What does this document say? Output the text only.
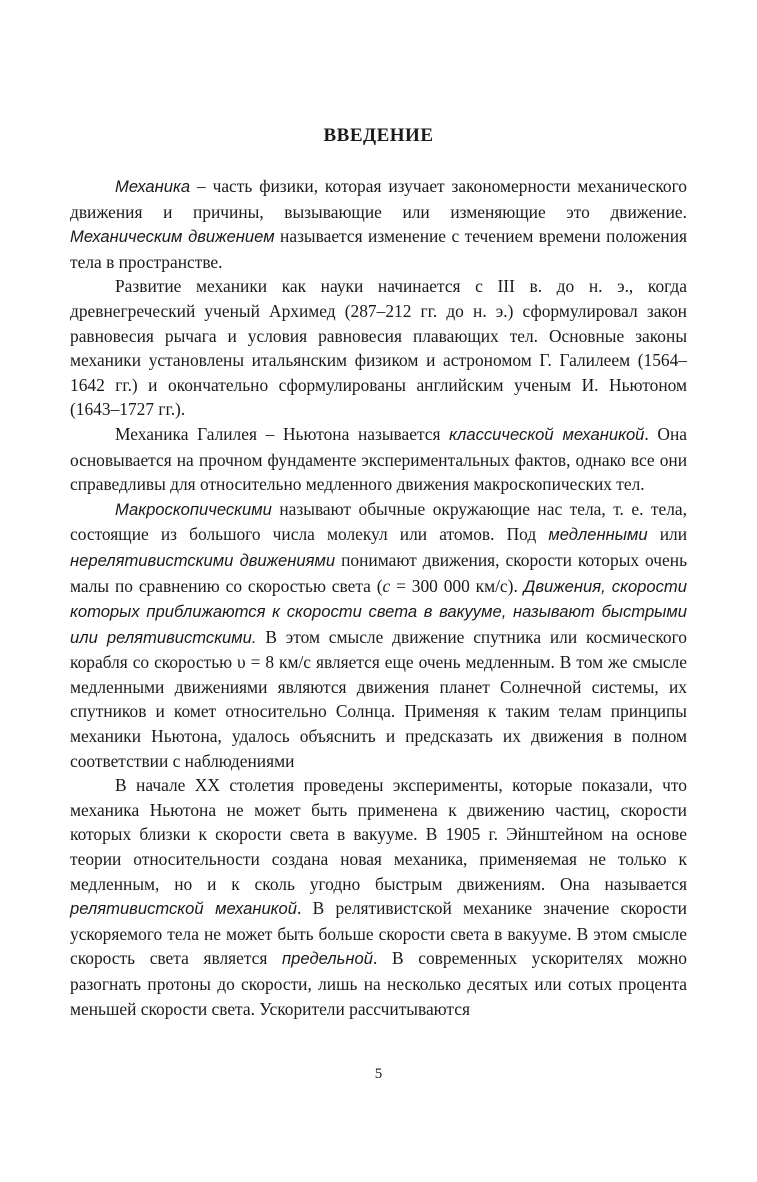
ВВЕДЕНИЕ

Механика – часть физики, которая изучает закономерности механического движения и причины, вызывающие или изменяющие это движение. Механическим движением называется изменение с течением времени положения тела в пространстве.

Развитие механики как науки начинается с III в. до н. э., когда древнегреческий ученый Архимед (287–212 гг. до н. э.) сформулировал закон равновесия рычага и условия равновесия плавающих тел. Основные законы механики установлены итальянским физиком и астрономом Г. Галилеем (1564–1642 гг.) и окончательно сформулированы английским ученым И. Ньютоном (1643–1727 гг.).

Механика Галилея – Ньютона называется классической механикой. Она основывается на прочном фундаменте экспериментальных фактов, однако все они справедливы для относительно медленного движения макроскопических тел.

Макроскопическими называют обычные окружающие нас тела, т. е. тела, состоящие из большого числа молекул или атомов. Под медленными или нерелятивистскими движениями понимают движения, скорости которых очень малы по сравнению со скоростью света (c = 300 000 км/с). Движения, скорости которых приближаются к скорости света в вакууме, называют быстрыми или релятивистскими. В этом смысле движение спутника или космического корабля со скоростью υ = 8 км/с является еще очень медленным. В том же смысле медленными движениями являются движения планет Солнечной системы, их спутников и комет относительно Солнца. Применяя к таким телам принципы механики Ньютона, удалось объяснить и предсказать их движения в полном соответствии с наблюдениями

В начале XX столетия проведены эксперименты, которые показали, что механика Ньютона не может быть применена к движению частиц, скорости которых близки к скорости света в вакууме. В 1905 г. Эйнштейном на основе теории относительности создана новая механика, применяемая не только к медленным, но и к сколь угодно быстрым движениям. Она называется релятивистской механикой. В релятивистской механике значение скорости ускоряемого тела не может быть больше скорости света в вакууме. В этом смысле скорость света является предельной. В современных ускорителях можно разогнать протоны до скорости, лишь на несколько десятых или сотых процента меньшей скорости света. Ускорители рассчитываются

5
